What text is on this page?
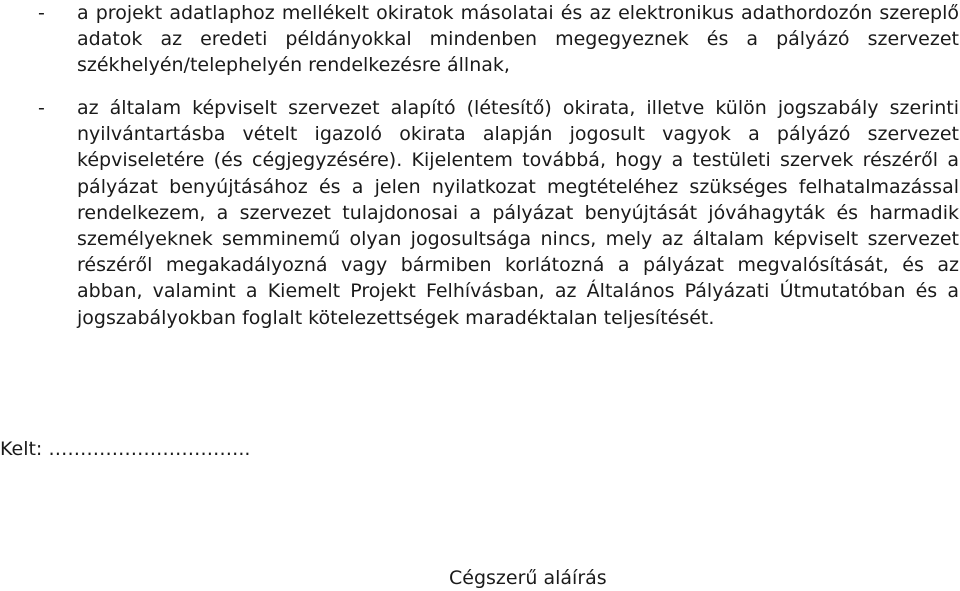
-	a projekt adatlaphoz mellékelt okiratok másolatai és az elektronikus adathordozón szereplő adatok az eredeti példányokkal mindenben megegyeznek és a pályázó szervezet székhelyén/telephelyén rendelkezésre állnak,
-	az általam képviselt szervezet alapító (létesítő) okirata, illetve külön jogszabály szerinti nyilvántartásba vételt igazoló okirata alapján jogosult vagyok a pályázó szervezet képviseletére (és cégjegyzésére). Kijelentem továbbá, hogy a testületi szervek részéről a pályázat benyújtásához és a jelen nyilatkozat megtételéhez szükséges felhatalmazással rendelkezem, a szervezet tulajdonosai a pályázat benyújtását jóváhagyták és harmadik személyeknek semminemű olyan jogosultsága nincs, mely az általam képviselt szervezet részéről megakadályozná vagy bármiben korlátozná a pályázat megvalósítását, és az abban, valamint a Kiemelt Projekt Felhívásban, az Általános Pályázati Útmutatóban és a jogszabályokban foglalt kötelezettségek maradéktalan teljesítését.
Kelt: …………………………..
Cégszerű aláírás
